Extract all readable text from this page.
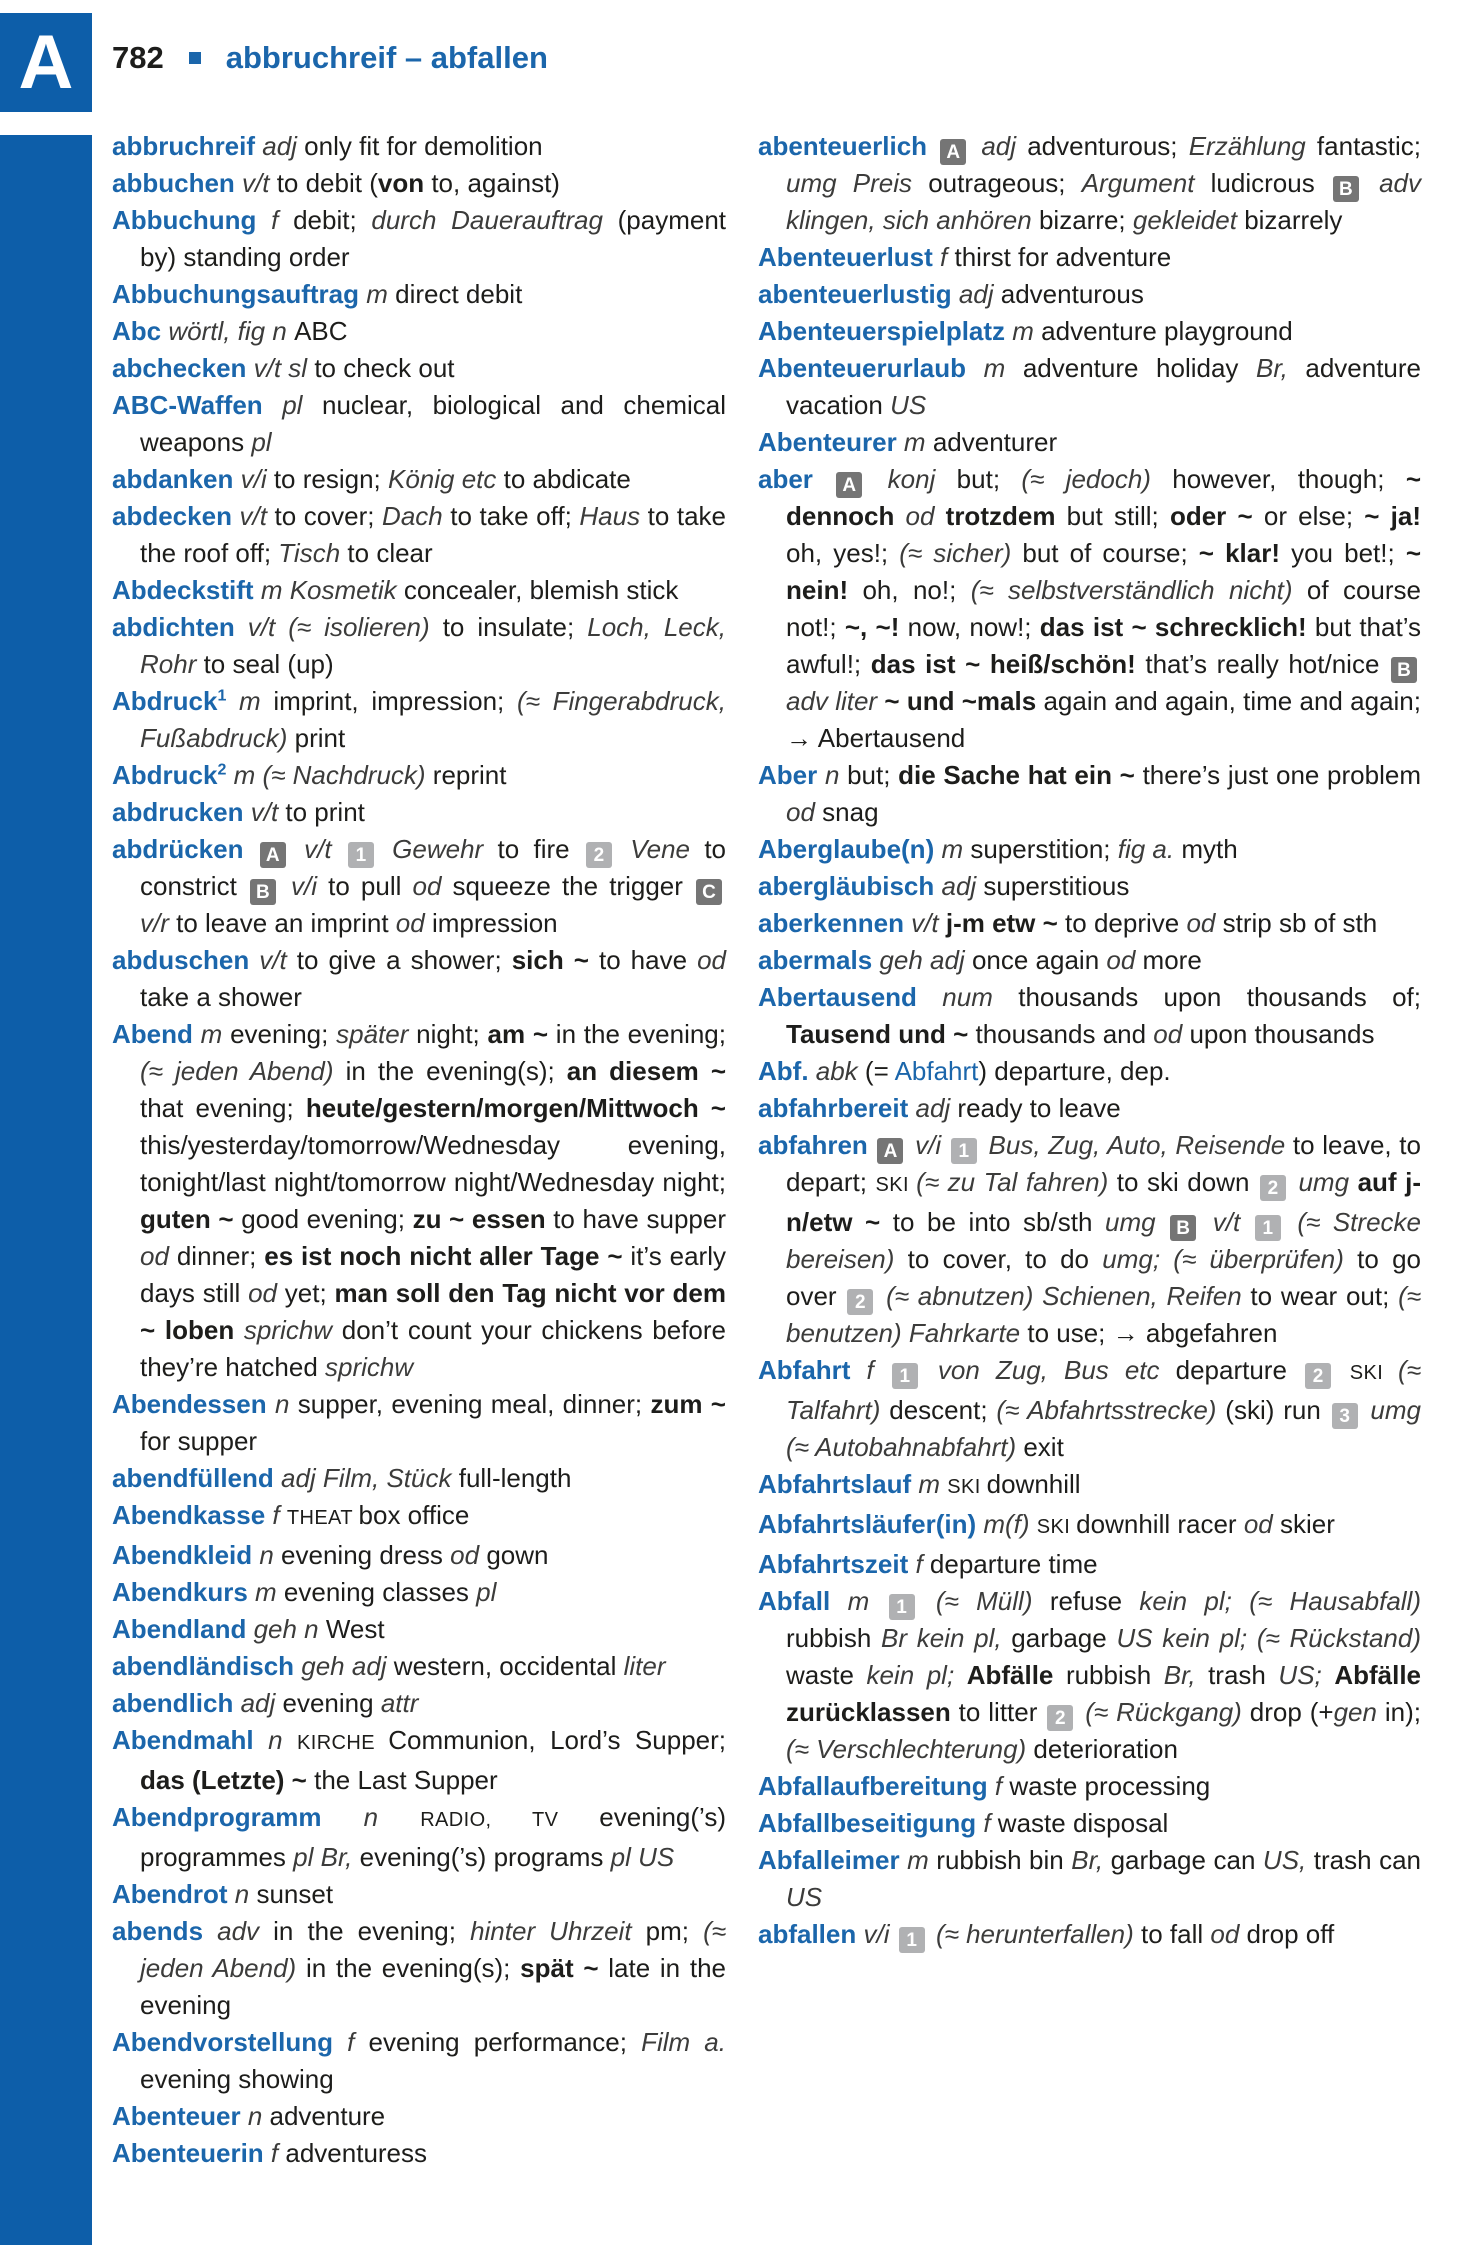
A 782 abbruchreif – abfallen

abbruchreif adj only fit for demolition

abbuchen v/t to debit (von to, against)

Abbuchung f debit; durch Dauerauftrag (payment by) standing order

Abbuchungsauftrag m direct debit

Abc wörtl, fig n ABC

abchecken v/t sl to check out

ABC-Waffen pl nuclear, biological and chemical weapons pl

abdanken v/i to resign; König etc to abdicate

abdecken v/t to cover; Dach to take off; Haus to take the roof off; Tisch to clear

Abdeckstift m Kosmetik concealer, blemish stick

abdichten v/t (≈ isolieren) to insulate; Loch, Leck, Rohr to seal (up)

Abdruck$^1$ m imprint, impression; (≈ Fingerabdruck, Fußabdruck) print

Abdruck$^2$ m (≈ Nachdruck) reprint

abdrucken v/t to print

abdrücken A v/t 1 Gewehr to fire 2 Vene to constrict B v/i to pull od squeeze the trigger C v/r to leave an imprint od impression

abduschen v/t to give a shower; sich ~ to have od take a shower

Abend m evening; später night; am ~ in the evening; (≈ jeden Abend) in the evening(s); an diesem ~ that evening; heute/gestern/morgen/Mittwoch ~ this/yesterday/tomorrow/Wednesday evening, tonight/last night/tomorrow night/Wednesday night; guten ~ good evening; zu ~ essen to have supper od dinner; es ist noch nicht aller Tage ~ it’s early days still od yet; man soll den Tag nicht vor dem ~ loben sprichw don’t count your chickens before they’re hatched sprichw

Abendessen n supper, evening meal, dinner; zum ~ for supper

abendfüllend adj Film, Stück full-length

Abendkasse f THEAT box office

Abendkleid n evening dress od gown

Abendkurs m evening classes pl

Abendland geh n West

abendländisch geh adj western, occidental liter

abendlich adj evening attr

Abendmahl n KIRCHE Communion, Lord’s Supper; das (Letzte) ~ the Last Supper

Abendprogramm n RADIO, TV evening(’s) programmes pl Br, evening(’s) programs pl US

Abendrot n sunset

abends adv in the evening; hinter Uhrzeit pm; (≈ jeden Abend) in the evening(s); spät ~ late in the evening

Abendvorstellung f evening performance; Film a. evening showing

Abenteuer n adventure

Abenteuerin f adventuress

abenteuerlich A adj adventurous; Erzählung fantastic; umg Preis outrageous; Argument ludicrous B adv klingen, sich anhören bizarre; gekleidet bizarrely

Abenteuerlust f thirst for adventure

abenteuerlustig adj adventurous

Abenteuerspielplatz m adventure playground

Abenteuerurlaub m adventure holiday Br, adventure vacation US

Abenteurer m adventurer

aber A konj but; (≈ jedoch) however, though; ~ dennoch od trotzdem but still; oder ~ or else; ~ ja! oh, yes!; (≈ sicher) but of course; ~ klar! you bet!; ~ nein! oh, no!; (≈ selbstverständlich nicht) of course not!; ~, ~! now, now!; das ist ~ schrecklich! but that’s awful!; das ist ~ heiß/schön! that’s really hot/nice B adv liter ~ und ~mals again and again, time and again; → Abertausend

Aber n but; die Sache hat ein ~ there’s just one problem od snag

Aberglaube(n) m superstition; fig a. myth

abergläubisch adj superstitious

aberkennen v/t j-m etw ~ to deprive od strip sb of sth

abermals geh adj once again od more

Abertausend num thousands upon thousands of; Tausend und ~ thousands and od upon thousands

Abf. abk (= Abfahrt) departure, dep.

abfahrbereit adj ready to leave

abfahren A v/i 1 Bus, Zug, Auto, Reisende to leave, to depart; SKI (≈ zu Tal fahren) to ski down 2 umg auf j-n/etw ~ to be into sb/sth umg B v/t 1 (≈ Strecke bereisen) to cover, to do umg; (≈ überprüfen) to go over 2 (≈ abnutzen) Schienen, Reifen to wear out; (≈ benutzen) Fahrkarte to use; → abgefahren

Abfahrt f 1 von Zug, Bus etc departure 2 SKI (≈ Talfahrt) descent; (≈ Abfahrtsstrecke) (ski) run 3 umg (≈ Autobahnabfahrt) exit

Abfahrtslauf m SKI downhill

Abfahrtsläufer(in) m(f) SKI downhill racer od skier

Abfahrtszeit f departure time

Abfall m 1 (≈ Müll) refuse kein pl; (≈ Hausabfall) rubbish Br kein pl, garbage US kein pl; (≈ Rückstand) waste kein pl; Abfälle rubbish Br, trash US; Abfälle zurücklassen to litter 2 (≈ Rückgang) drop (+gen in); (≈ Verschlechterung) deterioration

Abfallaufbereitung f waste processing

Abfallbeseitigung f waste disposal

Abfalleimer m rubbish bin Br, garbage can US, trash can US

abfallen v/i 1 (≈ herunterfallen) to fall od drop off
